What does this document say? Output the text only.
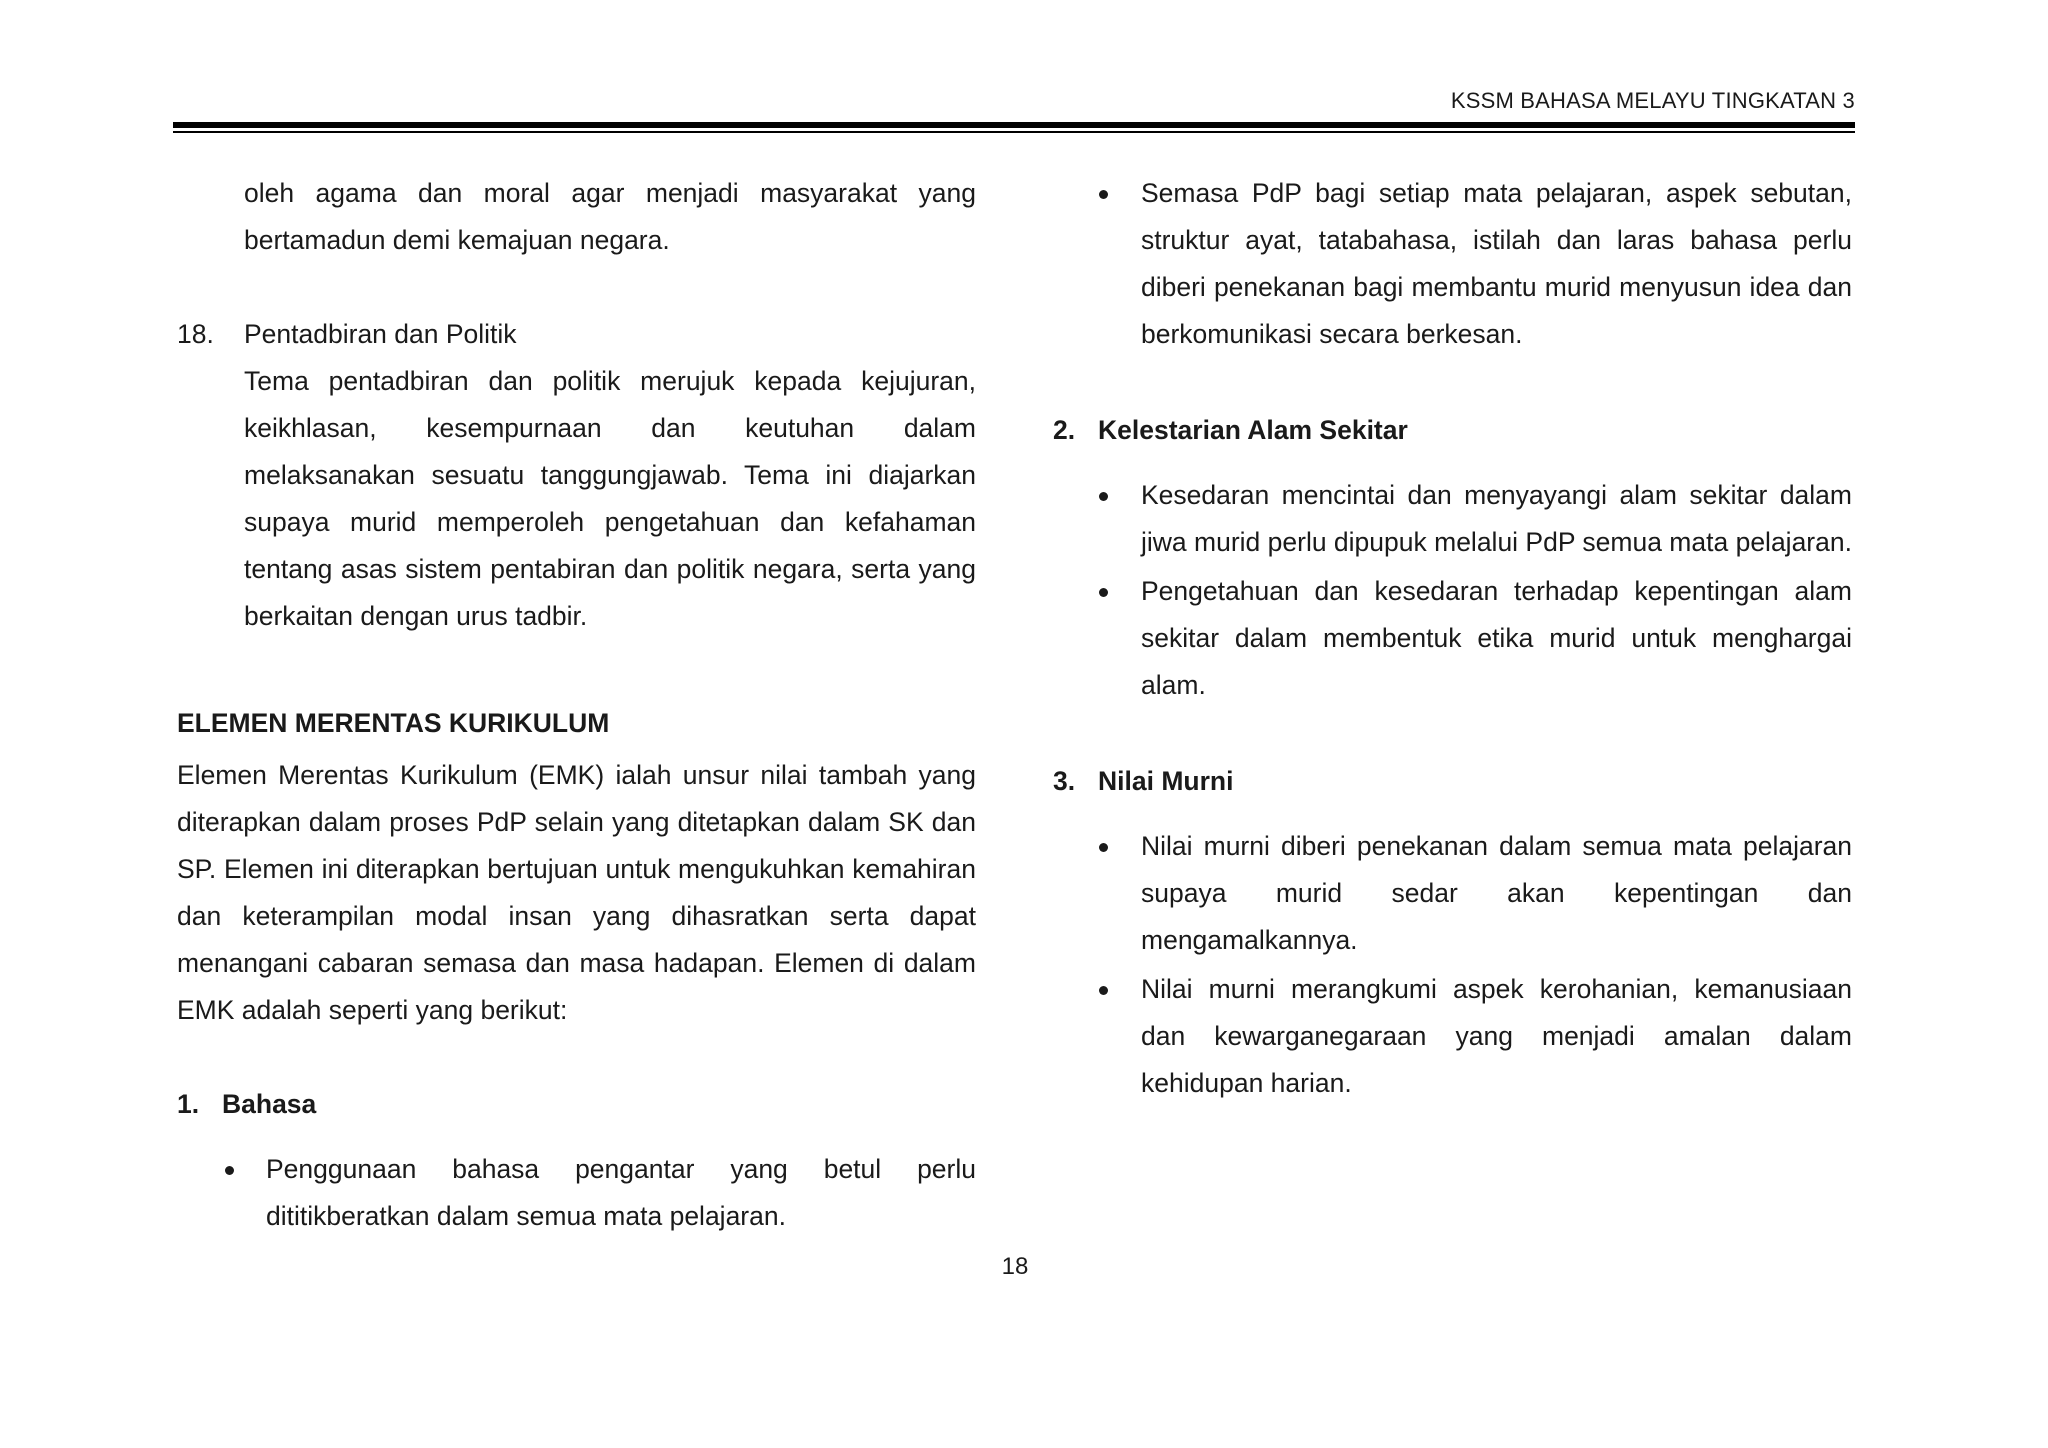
KSSM BAHASA MELAYU TINGKATAN 3

oleh agama dan moral agar menjadi masyarakat yang bertamadun demi kemajuan negara.

18. Pentadbiran dan Politik

Tema pentadbiran dan politik merujuk kepada kejujuran, keikhlasan, kesempurnaan dan keutuhan dalam melaksanakan sesuatu tanggungjawab. Tema ini diajarkan supaya murid memperoleh pengetahuan dan kefahaman tentang asas sistem pentabiran dan politik negara, serta yang berkaitan dengan urus tadbir.

ELEMEN MERENTAS KURIKULUM

Elemen Merentas Kurikulum (EMK) ialah unsur nilai tambah yang diterapkan dalam proses PdP selain yang ditetapkan dalam SK dan SP. Elemen ini diterapkan bertujuan untuk mengukuhkan kemahiran dan keterampilan modal insan yang dihasratkan serta dapat menangani cabaran semasa dan masa hadapan. Elemen di dalam EMK adalah seperti yang berikut:

1. Bahasa
Penggunaan bahasa pengantar yang betul perlu dititikberatkan dalam semua mata pelajaran.
Semasa PdP bagi setiap mata pelajaran, aspek sebutan, struktur ayat, tatabahasa, istilah dan laras bahasa perlu diberi penekanan bagi membantu murid menyusun idea dan berkomunikasi secara berkesan.
2. Kelestarian Alam Sekitar
Kesedaran mencintai dan menyayangi alam sekitar dalam jiwa murid perlu dipupuk melalui PdP semua mata pelajaran.
Pengetahuan dan kesedaran terhadap kepentingan alam sekitar dalam membentuk etika murid untuk menghargai alam.
3. Nilai Murni
Nilai murni diberi penekanan dalam semua mata pelajaran supaya murid sedar akan kepentingan dan mengamalkannya.
Nilai murni merangkumi aspek kerohanian, kemanusiaan dan kewarganegaraan yang menjadi amalan dalam kehidupan harian.
18
